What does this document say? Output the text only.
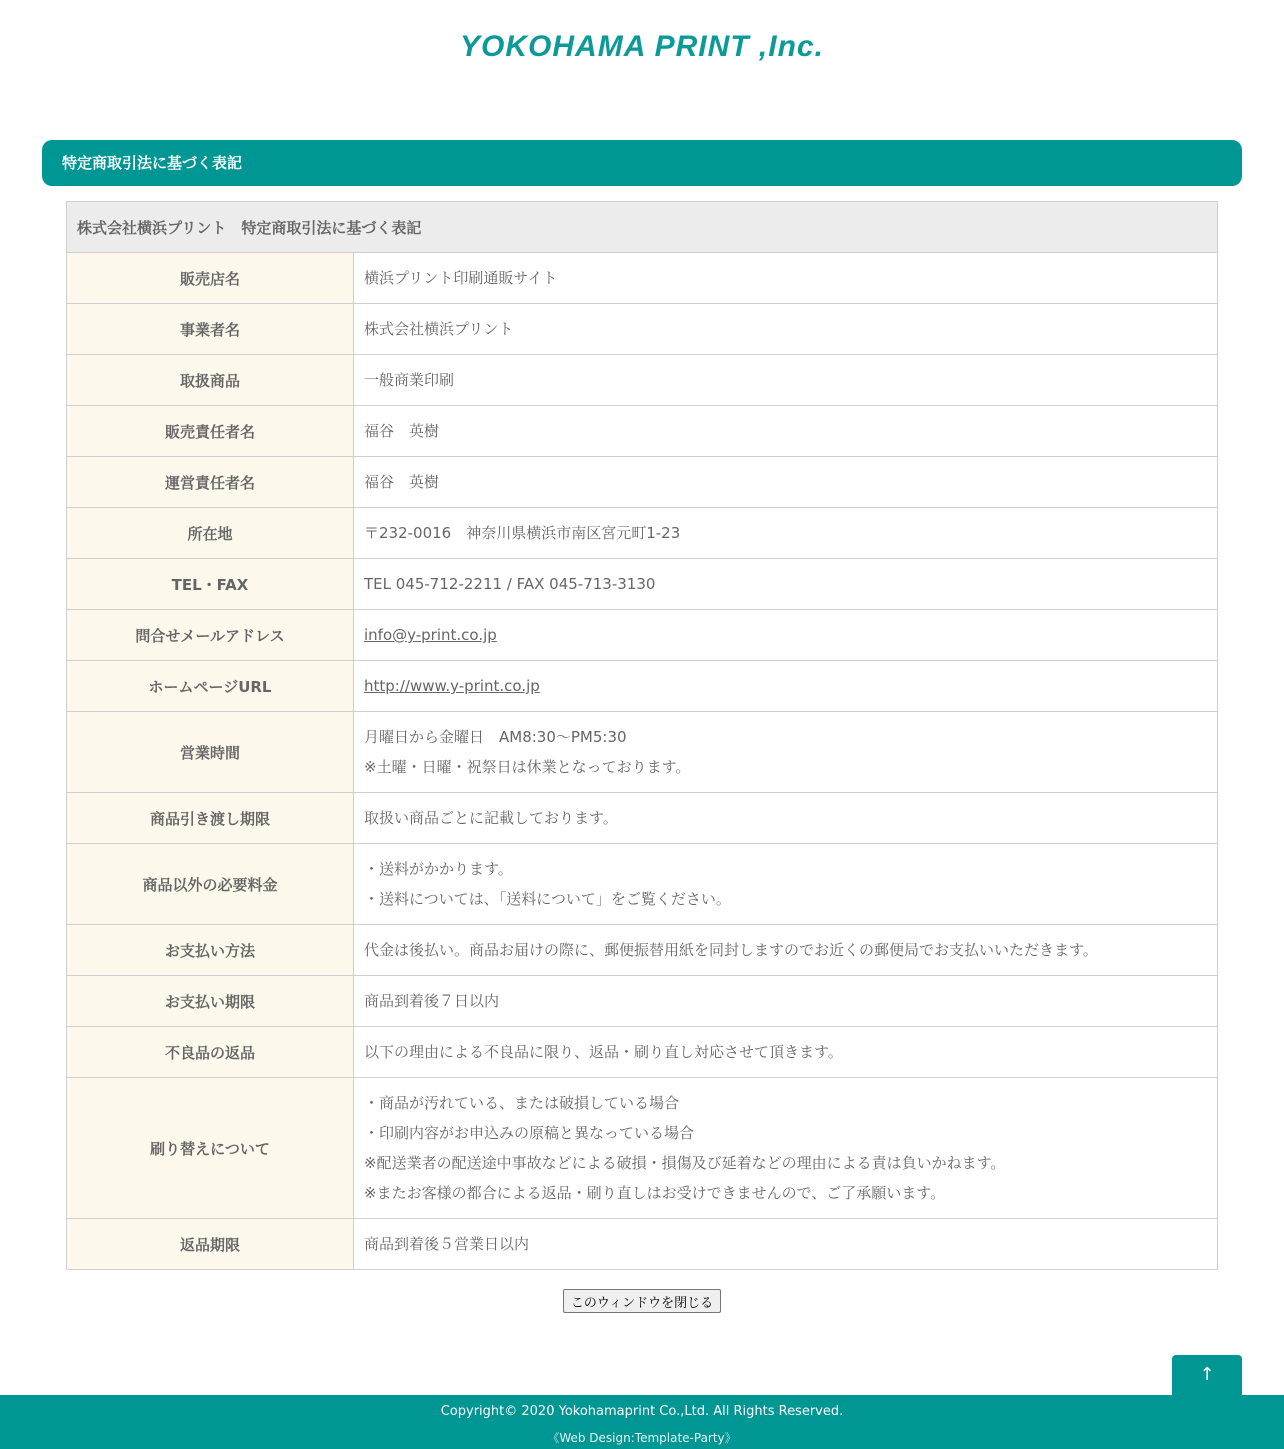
YOKOHAMA PRINT ,Inc.
特定商取引法に基づく表記
株式会社横浜プリント　特定商取引法に基づく表記	
販売店名	横浜プリント印刷通販サイト

事業者名	株式会社横浜プリント

取扱商品	一般商業印刷

販売責任者名	福谷　英樹

運営責任者名	福谷　英樹

所在地	〒232-0016　神奈川県横浜市南区宮元町1-23

TEL・FAX	TEL 045-712-2211 / FAX 045-713-3130

問合せメールアドレス	info@y-print.co.jp
ホームページURL	http://www.y-print.co.jp
営業時間	月曜日から金曜日　AM8:30～PM5:30
※土曜・日曜・祝祭日は休業となっております。

商品引き渡し期限	取扱い商品ごとに記載しております。

商品以外の必要料金	・送料がかかります。
・送料については、「送料について」をご覧ください。

お支払い方法	代金は後払い。商品お届けの際に、郵便振替用紙を同封しますのでお近くの郵便局でお支払いいただきます。

お支払い期限	商品到着後７日以内

不良品の返品	以下の理由による不良品に限り、返品・刷り直し対応させて頂きます。

刷り替えについて	・商品が汚れている、または破損している場合
・印刷内容がお申込みの原稿と異なっている場合
※配送業者の配送途中事故などによる破損・損傷及び延着などの理由による責は負いかねます。
※またお客様の都合による返品・刷り直しはお受けできませんので、ご了承願います。

返品期限	商品到着後５営業日以内
このウィンドウを閉じる
↑
Copyright© 2020 Yokohamaprint Co.,Ltd. All Rights Reserved.
《Web Design:Template-Party》
